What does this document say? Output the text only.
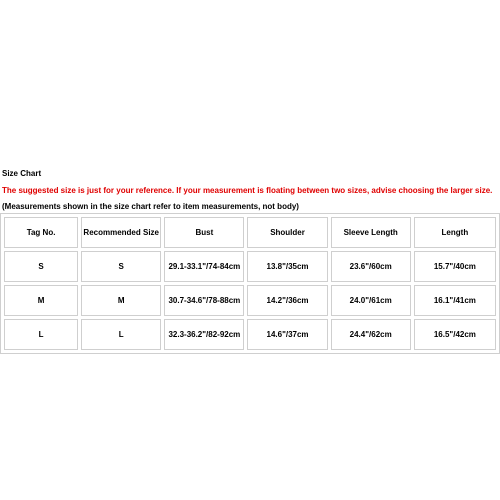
Size Chart
The suggested size is just for your reference. If your measurement is floating between two sizes, advise choosing the larger size.
(Measurements shown in the size chart refer to item measurements, not body)
Tag No.	Recommended Size	Bust	Shoulder	Sleeve Length	Length
S	S	29.1-33.1"/74-84cm	13.8"/35cm	23.6"/60cm	15.7"/40cm
M	M	30.7-34.6"/78-88cm	14.2"/36cm	24.0"/61cm	16.1"/41cm
L	L	32.3-36.2"/82-92cm	14.6"/37cm	24.4"/62cm	16.5"/42cm
